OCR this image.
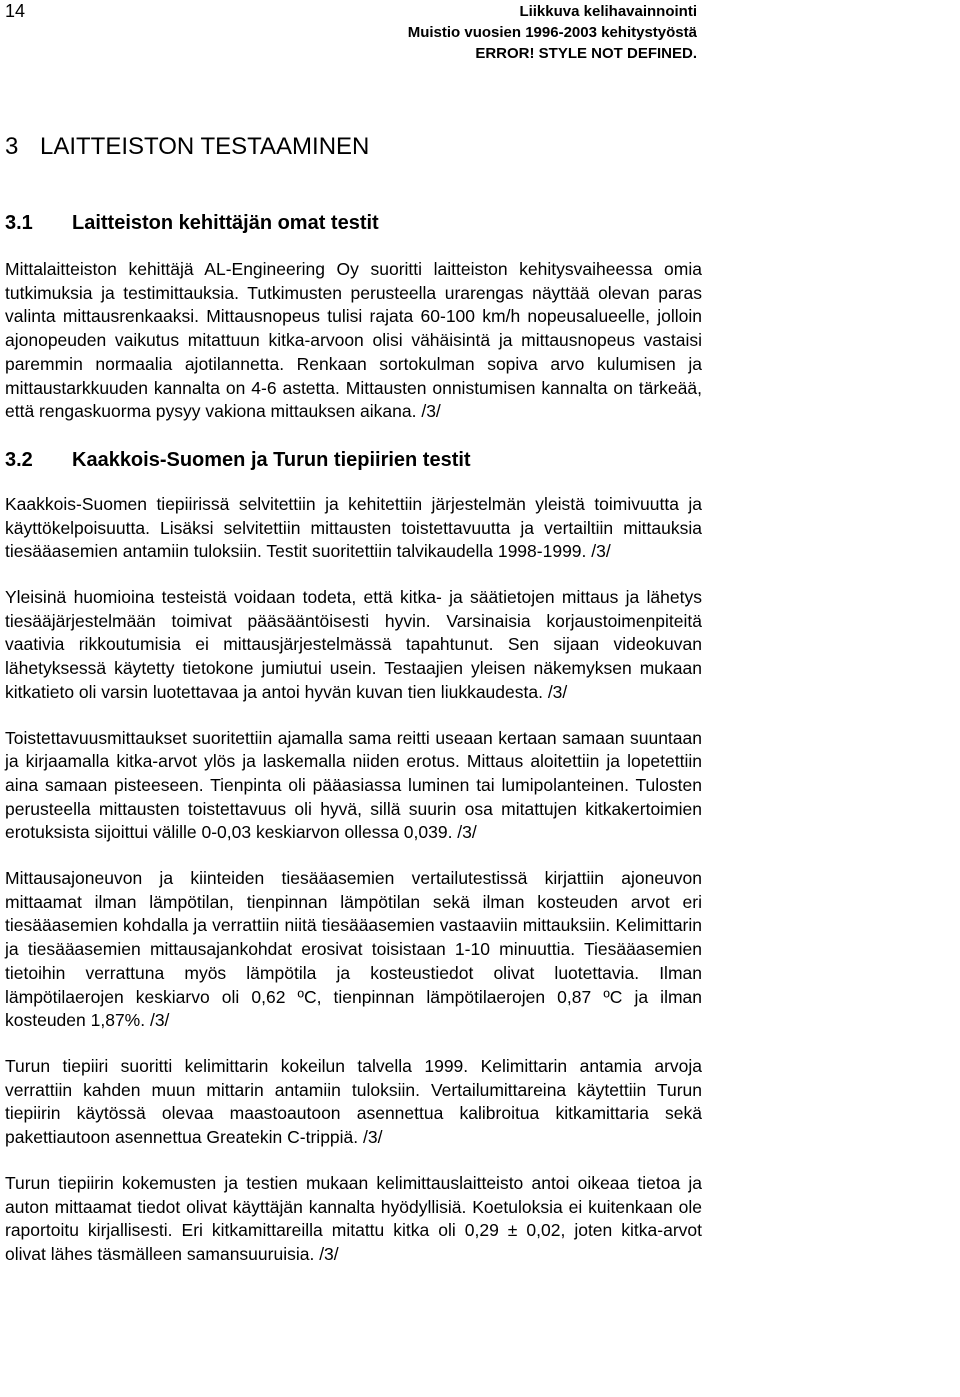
14	Liikkuva kelihavainnointi
Muistio vuosien 1996-2003 kehitystyöstä
ERROR! STYLE NOT DEFINED.
3 LAITTEISTON TESTAAMINEN
3.1 Laitteiston kehittäjän omat testit

Mittalaitteiston kehittäjä AL-Engineering Oy suoritti laitteiston kehitysvaiheessa omia tutkimuksia ja testimittauksia. Tutkimusten perusteella urarengas näyttää olevan paras valinta mittausrenkaaksi. Mittausnopeus tulisi rajata 60-100 km/h nopeusalueelle, jolloin ajonopeuden vaikutus mitattuun kitka-arvoon olisi vähäisintä ja mittausnopeus vastaisi paremmin normaalia ajotilannetta. Renkaan sortokulman sopiva arvo kulumisen ja mittaustarkkuuden kannalta on 4-6 astetta. Mittausten onnistumisen kannalta on tärkeää, että rengaskuorma pysyy vakiona mittauksen aikana. /3/

3.2 Kaakkois-Suomen ja Turun tiepiirien testit

Kaakkois-Suomen tiepiirissä selvitettiin ja kehitettiin järjestelmän yleistä toimivuutta ja käyttökelpoisuutta. Lisäksi selvitettiin mittausten toistettavuutta ja vertailtiin mittauksia tiesääasemien antamiin tuloksiin. Testit suoritettiin talvikaudella 1998-1999. /3/

Yleisinä huomioina testeistä voidaan todeta, että kitka- ja säätietojen mittaus ja lähetys tiesääjärjestelmään toimivat pääsääntöisesti hyvin. Varsinaisia korjaustoimenpiteitä vaativia rikkoutumisia ei mittausjärjestelmässä tapahtunut. Sen sijaan videokuvan lähetyksessä käytetty tietokone jumiutui usein. Testaajien yleisen näkemyksen mukaan kitkatieto oli varsin luotettavaa ja antoi hyvän kuvan tien liukkaudesta. /3/

Toistettavuusmittaukset suoritettiin ajamalla sama reitti useaan kertaan samaan suuntaan ja kirjaamalla kitka-arvot ylös ja laskemalla niiden erotus. Mittaus aloitettiin ja lopetettiin aina samaan pisteeseen. Tienpinta oli pääasiassa luminen tai lumipolanteinen. Tulosten perusteella mittausten toistettavuus oli hyvä, sillä suurin osa mitattujen kitkakertoimien erotuksista sijoittui välille 0-0,03 keskiarvon ollessa 0,039. /3/

Mittausajoneuvon ja kiinteiden tiesääasemien vertailutestissä kirjattiin ajoneuvon mittaamat ilman lämpötilan, tienpinnan lämpötilan sekä ilman kosteuden arvot eri tiesääasemien kohdalla ja verrattiin niitä tiesääasemien vastaaviin mittauksiin. Kelimittarin ja tiesääasemien mittausajankohdat erosivat toisistaan 1-10 minuuttia. Tiesääasemien tietoihin verrattuna myös lämpötila ja kosteustiedot olivat luotettavia. Ilman lämpötilaerojen keskiarvo oli 0,62 ºC, tienpinnan lämpötilaerojen 0,87 ºC ja ilman kosteuden 1,87%. /3/

Turun tiepiiri suoritti kelimittarin kokeilun talvella 1999. Kelimittarin antamia arvoja verrattiin kahden muun mittarin antamiin tuloksiin. Vertailumittareina käytettiin Turun tiepiirin käytössä olevaa maastoautoon asennettua kalibroitua kitkamittaria sekä pakettiautoon asennettua Greatekin C-trippiä. /3/

Turun tiepiirin kokemusten ja testien mukaan kelimittauslaitteisto antoi oikeaa tietoa ja auton mittaamat tiedot olivat käyttäjän kannalta hyödyllisiä. Koetuloksia ei kuitenkaan ole raportoitu kirjallisesti. Eri kitkamittareilla mitattu kitka oli 0,29 ± 0,02, joten kitka-arvot olivat lähes täsmälleen samansuuruisia. /3/
